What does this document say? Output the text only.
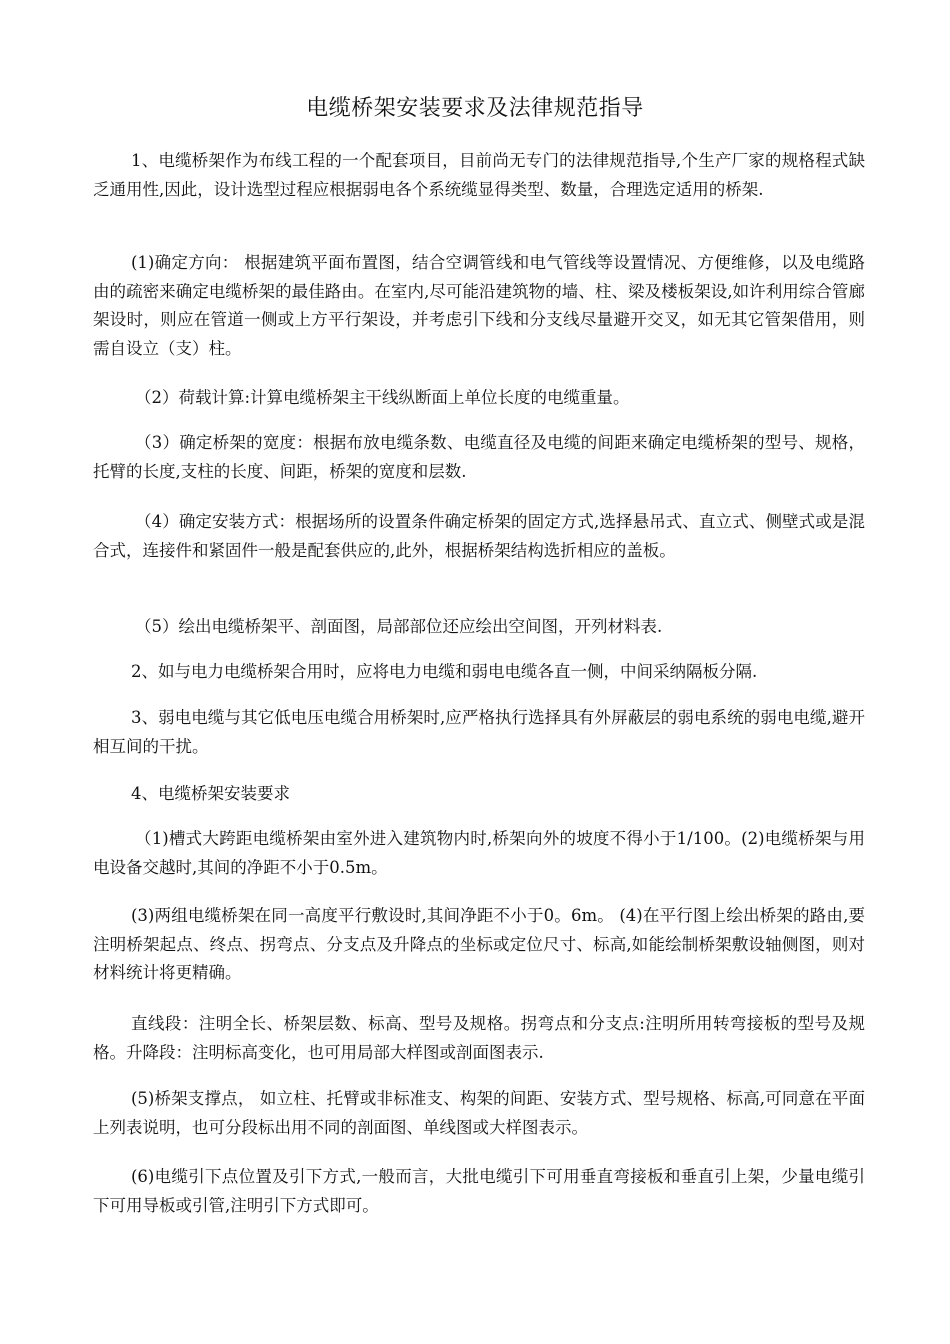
电缆桥架安装要求及法律规范指导

1、电缆桥架作为布线工程的一个配套项目，目前尚无专门的法律规范指导,个生产厂家的规格程式缺乏通用性,因此，设计选型过程应根据弱电各个系统缆显得类型、数量，合理选定适用的桥架.

(1)确定方向： 根据建筑平面布置图，结合空调管线和电气管线等设置情况、方便维修，以及电缆路由的疏密来确定电缆桥架的最佳路由。在室内,尽可能沿建筑物的墙、柱、梁及楼板架设,如许利用综合管廊架设时，则应在管道一侧或上方平行架设，并考虑引下线和分支线尽量避开交叉，如无其它管架借用，则需自设立（支）柱。

（2）荷载计算:计算电缆桥架主干线纵断面上单位长度的电缆重量。

（3）确定桥架的宽度：根据布放电缆条数、电缆直径及电缆的间距来确定电缆桥架的型号、规格， 托臂的长度,支柱的长度、间距，桥架的宽度和层数.

（4）确定安装方式：根据场所的设置条件确定桥架的固定方式,选择悬吊式、直立式、侧壁式或是混合式，连接件和紧固件一般是配套供应的,此外，根据桥架结构选折相应的盖板。

（5）绘出电缆桥架平、剖面图，局部部位还应绘出空间图，开列材料表.

2、如与电力电缆桥架合用时，应将电力电缆和弱电电缆各直一侧，中间采纳隔板分隔.

3、弱电电缆与其它低电压电缆合用桥架时,应严格执行选择具有外屏蔽层的弱电系统的弱电电缆,避开相互间的干扰。

4、电缆桥架安装要求

（1)槽式大跨距电缆桥架由室外进入建筑物内时,桥架向外的坡度不得小于1/100。(2)电缆桥架与用电设备交越时,其间的净距不小于0.5m。

(3)两组电缆桥架在同一高度平行敷设时,其间净距不小于0。6m。 (4)在平行图上绘出桥架的路由,要注明桥架起点、终点、拐弯点、分支点及升降点的坐标或定位尺寸、标高,如能绘制桥架敷设轴侧图，则对材料统计将更精确。

直线段：注明全长、桥架层数、标高、型号及规格。拐弯点和分支点:注明所用转弯接板的型号及规格。升降段：注明标高变化，也可用局部大样图或剖面图表示.

(5)桥架支撑点， 如立柱、托臂或非标准支、构架的间距、安装方式、型号规格、标高,可同意在平面上列表说明，也可分段标出用不同的剖面图、单线图或大样图表示。

(6)电缆引下点位置及引下方式,一般而言，大批电缆引下可用垂直弯接板和垂直引上架，少量电缆引下可用导板或引管,注明引下方式即可。
